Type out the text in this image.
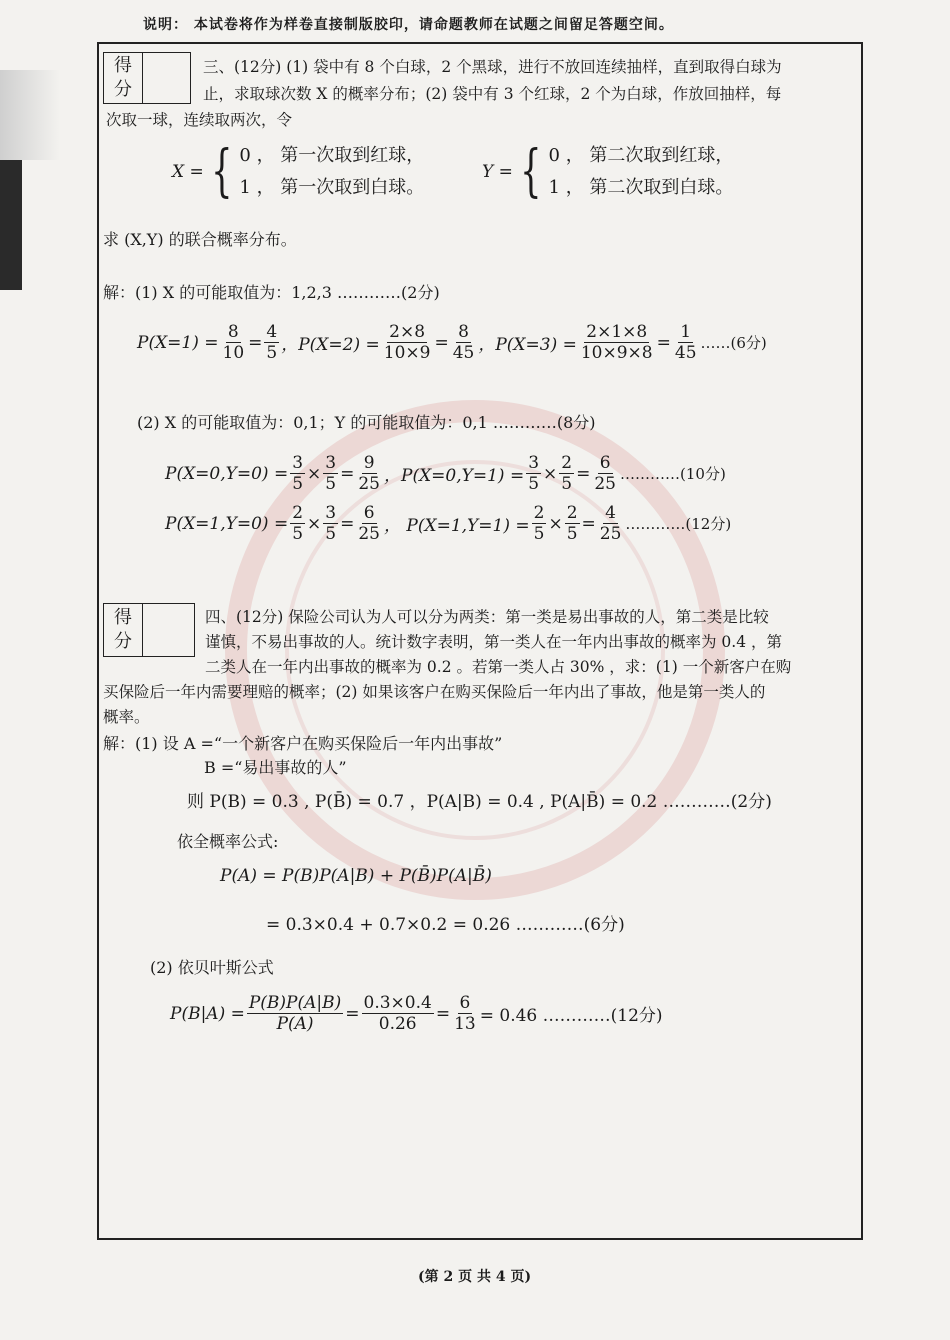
说明： 本试卷将作为样卷直接制版胶印，请命题教师在试题之间留足答题空间。
得
分
三、(12分) (1) 袋中有 8 个白球，2 个黑球，进行不放回连续抽样，直到取得白球为
止，求取球次数 X 的概率分布；(2) 袋中有 3 个红球，2 个为白球，作放回抽样，每
次取一球，连续取两次，令
X = { 0 ， 第一次取到红球，
1 ， 第一次取到白球。
Y = { 0 ， 第二次取到红球，
1 ， 第二次取到白球。
求 (X,Y) 的联合概率分布。
解：(1) X 的可能取值为：1,2,3 …………(2分)
$P(X=1) = \frac{8}{10} = \frac{4}{5}$ ，$P(X=2) = \frac{2\times 8}{10\times 9} = \frac{8}{45}$ ，$P(X=3) = \frac{2\times 1\times 8}{10\times 9\times 8} = \frac{1}{45}$ ……(6分)
(2) X 的可能取值为：0,1；Y 的可能取值为：0,1 …………(8分)
$P(X=0,Y=0) = \frac{3}{5} \times \frac{3}{5} = \frac{9}{25}$ ，$P(X=0,Y=1) = \frac{3}{5} \times \frac{2}{5} = \frac{6}{25}$ …………(10分)
$P(X=1,Y=0) = \frac{2}{5} \times \frac{3}{5} = \frac{6}{25}$ ， $P(X=1,Y=1) = \frac{2}{5} \times \frac{2}{5} = \frac{4}{25}$ …………(12分)
得
分
四、(12分) 保险公司认为人可以分为两类：第一类是易出事故的人，第二类是比较
谨慎，不易出事故的人。统计数字表明，第一类人在一年内出事故的概率为 0.4 ，第
二类人在一年内出事故的概率为 0.2 。若第一类人占 30% ，求：(1) 一个新客户在购
买保险后一年内需要理赔的概率；(2) 如果该客户在购买保险后一年内出了事故，他是第一类人的
概率。
解：(1) 设 A =“一个新客户在购买保险后一年内出事故”
B =“易出事故的人”
则 P(B) = 0.3 , P(B̄) = 0.7 ，P(A|B) = 0.4 , P(A|B̄) = 0.2 …………(2分)
依全概率公式:
P(A) = P(B)P(A|B) + P(B̄)P(A|B̄)
= 0.3×0.4 + 0.7×0.2 = 0.26 …………(6分)
(2) 依贝叶斯公式
$P(B|A) = \frac{P(B)P(A|B)}{P(A)} = \frac{0.3\times 0.4}{0.26} = \frac{6}{13} = 0.46$ …………(12分)
(第 2 页 共 4 页)
